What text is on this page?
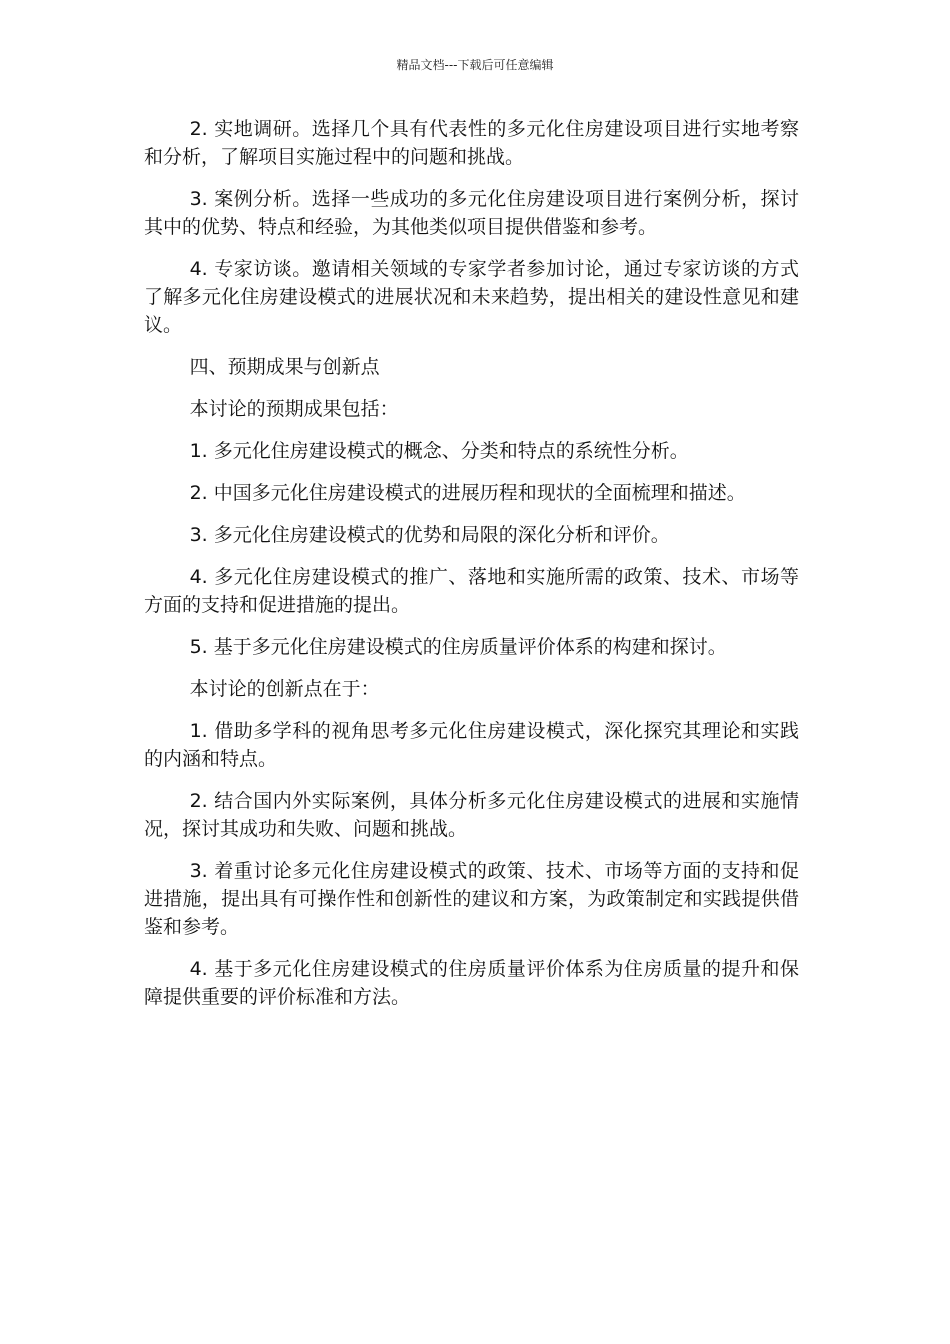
精品文档---下载后可任意编辑

2. 实地调研。选择几个具有代表性的多元化住房建设项目进行实地考察和分析，了解项目实施过程中的问题和挑战。

3. 案例分析。选择一些成功的多元化住房建设项目进行案例分析，探讨其中的优势、特点和经验，为其他类似项目提供借鉴和参考。

4. 专家访谈。邀请相关领域的专家学者参加讨论，通过专家访谈的方式了解多元化住房建设模式的进展状况和未来趋势，提出相关的建设性意见和建议。

四、预期成果与创新点

本讨论的预期成果包括：

1. 多元化住房建设模式的概念、分类和特点的系统性分析。

2. 中国多元化住房建设模式的进展历程和现状的全面梳理和描述。

3. 多元化住房建设模式的优势和局限的深化分析和评价。

4. 多元化住房建设模式的推广、落地和实施所需的政策、技术、市场等方面的支持和促进措施的提出。

5. 基于多元化住房建设模式的住房质量评价体系的构建和探讨。

本讨论的创新点在于：

1. 借助多学科的视角思考多元化住房建设模式，深化探究其理论和实践的内涵和特点。

2. 结合国内外实际案例，具体分析多元化住房建设模式的进展和实施情况，探讨其成功和失败、问题和挑战。

3. 着重讨论多元化住房建设模式的政策、技术、市场等方面的支持和促进措施，提出具有可操作性和创新性的建议和方案，为政策制定和实践提供借鉴和参考。

4. 基于多元化住房建设模式的住房质量评价体系为住房质量的提升和保障提供重要的评价标准和方法。
